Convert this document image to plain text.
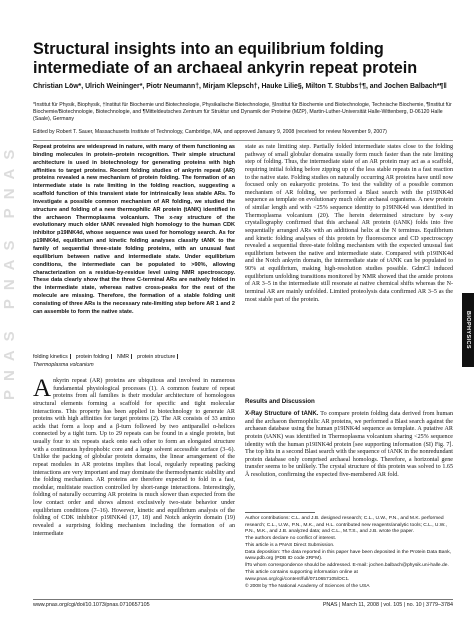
PNAS PNAS PNAS	BIOPHYSICS
Structural insights into an equilibrium folding intermediate of an archaeal ankyrin repeat protein
Christian Löw*, Ulrich Weininger*, Piotr Neumann†, Mirjam Klepsch†, Hauke Lilie§, Milton T. Stubbs†¶, and Jochen Balbach*¶‖
*Institut für Physik, Biophysik, †Institut für Biochemie und Biotechnologie, Physikalische Biotechnologie, §Institut für Biochemie und Biotechnologie, Technische Biochemie, ¶Institut für Biochemie/Biotechnologie, Biotechnologie, and ¶Mitteldeutsches Zentrum für Struktur und Dynamik der Proteine (MZP), Martin-Luther-Universität Halle-Wittenberg, D-06120 Halle (Saale), Germany
Edited by Robert T. Sauer, Massachusetts Institute of Technology, Cambridge, MA, and approved January 9, 2008 (received for review November 9, 2007)
Repeat proteins are widespread in nature, with many of them functioning as binding molecules in protein–protein recognition. Their simple structural architecture is used in biotechnology for generating proteins with high affinities to target proteins. Recent folding studies of ankyrin repeat (AR) proteins revealed a new mechanism of protein folding. The formation of an intermediate state is rate limiting in the folding reaction, suggesting a scaffold function of this transient state for intrinsically less stable ARs. To investigate a possible common mechanism of AR folding, we studied the structure and folding of a new thermophilic AR protein (tANK) identified in the archaeon Thermoplasma volcanium. The x-ray structure of the evolutionary much older tANK revealed high homology to the human CDK inhibitor p19INK4d, whose sequence was used for homology search. As for p19INK4d, equilibrium and kinetic folding analyses classify tANK to the family of sequential three-state folding proteins, with an unusual fast equilibrium between native and intermediate state. Under equilibrium conditions, the intermediate can be populated to >90%, allowing characterization on a residue-by-residue level using NMR spectroscopy. These data clearly show that the three C-terminal ARs are natively folded in the intermediate state, whereas native cross-peaks for the rest of the molecule are missing. Therefore, the formation of a stable folding unit consisting of three ARs is the necessary rate-limiting step before AR 1 and 2 can assemble to form the native state.
folding kinetics protein folding NMR protein structure
Thermoplasma volcanium
Ankyrin repeat (AR) proteins are ubiquitous and involved in numerous fundamental physiological processes (1). A common feature of repeat proteins from all families is their modular architecture of homologous structural elements forming a scaffold for specific and tight molecular interactions. This property has been applied in biotechnology to generate AR proteins with high affinities for target proteins (2). The AR consists of 33 amino acids that form a loop and a β-turn followed by two antiparallel α-helices connected by a tight turn. Up to 29 repeats can be found in a single protein, but usually four to six repeats stack onto each other to form an elongated structure with a continuous hydrophobic core and a large solvent accessible surface (3–6). Unlike the packing of globular protein domains, the linear arrangement of the repeat modules in AR proteins implies that local, regularly repeating packing interactions are very important and may dominate the thermodynamic stability and the folding mechanism. AR proteins are therefore expected to fold in a fast, modular, multistate reaction controlled by short-range interactions. Interestingly, folding of naturally occurring AR proteins is much slower than expected from the low contact order and shows almost exclusively two-state behavior under equilibrium conditions (7–16). However, kinetic and equilibrium analysis of the folding of CDK inhibitor p19INK4d (17, 18) and Notch ankyrin domain (19) revealed a surprising folding mechanism including the formation of an intermediate
state as rate limiting step. Partially folded intermediate states close to the folding pathway of small globular domains usually form much faster than the rate limiting step of folding. Thus, the intermediate state of an AR protein may act as a scaffold, requiring initial folding before zipping up of the less stable repeats in a fast reaction to the native state. Folding studies on naturally occurring AR proteins have until now focused only on eukaryotic proteins. To test the validity of a possible common mechanism of AR folding, we performed a Blast search with the p19INK4d sequence as template on evolutionary much older archaeal organisms. A new protein of similar length and with <25% sequence identity to p19INK4d was identified in Thermoplasma volcanium (20). The herein determined structure by x-ray crystallography confirmed that this archaeal AR protein (tANK) folds into five sequentially arranged ARs with an additional helix at the N terminus. Equilibrium and kinetic folding analyses of this protein by fluorescence and CD spectroscopy revealed a sequential three-state folding mechanism with the expected unusual fast equilibrium between the native and intermediate state. Compared with p19INK4d and the Notch ankyrin domain, the intermediate state of tANK can be populated to 90% at equilibrium, making high-resolution studies possible. GdmCl induced equilibrium unfolding transitions monitored by NMR showed that the amide protons of AR 3–5 in the intermediate still resonate at native chemical shifts whereas the N-terminal AR are mainly unfolded. Limited proteolysis data confirmed AR 3–5 as the most stable part of the protein.
Results and Discussion
X-Ray Structure of tANK. To compare protein folding data derived from human and the archaeon thermophilic AR proteins, we performed a Blast search against the archaean database using the human p19INK4d sequence as template. A putative AR protein (tANK) was identified in Thermoplasma volcanium sharing <25% sequence identity with the human p19INK4d protein [see supporting information (SI) Fig. 7]. The top hits in a second Blast search with the sequence of tANK in the nonredundant protein database only comprised archaeal homologs. Therefore, a horizontal gene transfer seems to be unlikely. The crystal structure of this protein was solved to 1.65 Å resolution, confirming the expected five-membered AR fold.

Author contributions: C.L. and J.B. designed research; C.L., U.W., P.N., and M.K. performed research; C.L., U.W., P.N., M.K., and H.L. contributed new reagents/analytic tools; C.L., U.W., P.N., M.K., and J.B. analyzed data; and C.L., M.T.S., and J.B. wrote the paper.

The authors declare no conflict of interest.

This article is a PNAS Direct Submission.

Data deposition: The data reported in this paper have been deposited in the Protein Data Bank, www.pdb.org (PDB ID code 2RFM).

‖To whom correspondence should be addressed. E-mail: jochen.balbach@physik.uni-halle.de.

This article contains supporting information online at www.pnas.org/cgi/content/full/0710657105/DC1.

© 2008 by The National Academy of Sciences of the USA

www.pnas.org/cgi/doi/10.1073/pnas.0710657105	PNAS | March 11, 2008 | vol. 105 | no. 10 | 3779–3784
